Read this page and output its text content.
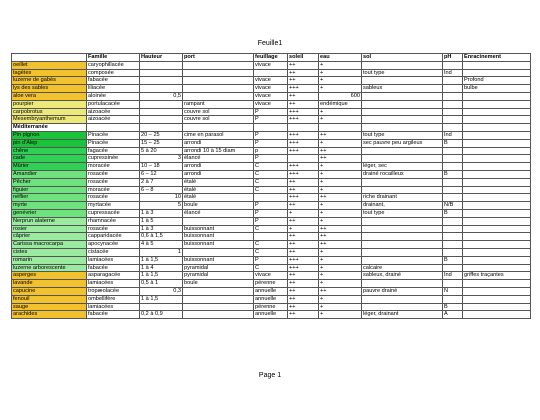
Feuille1
	Famille	Hauteur	port	feuillage	soleil	eau	sol	pH	Enracinement
oeillet	caryophillacée			vivace	++	+			
tagètes	composée				++	+	tout type	Ind	
luzerne de gabès	fabacée			vivace	++	+			Profond
lys des sables	liliacée			vivace	+++	+	sableux		bulbe
aloe vera	aloinée	0,5		vivace	++	600			
pourpier	portulacacée		rampant	vivace	++	endémique			
carpobrotus	aizoacée		couvre sol	P	+++	+			
Mesembryanthemum	aizoacée		couvre sol	P	+++	+			
Méditerranée									
Pin pignon	Pinacée	20 – 25	cime en parasol	P	+++	++	tout type	Ind	
pin d'Alep	Pinacée	15 – 25	arrondi	P	+++	+	sec pauvre peu argileux	B	
chêne	fagacée	5 à 20	arrondi 10 à 15 diam	p	+++	++			
cade	cupressinée	3	élancé	P		++			
Mûrier	moracée	10 – 18	arrondi	C	+++	+	léger, sec		
Amandier	rosacée	6 – 12	arrondi	C	+++	+	drainé rocailleux	B	
Pêcher	rosacée	2 à 7	étalé	C	++	+			
figuier	moracée	6 – 8	étalé	C	++	+			
néflier	rosacée	10	étalé		+++	++	riche drainant		
myrte	myrtacée	5	boule	P	++	+	drainant,	N/B	
genévrier	cupressacée	1 à 3	élancé	P	+	+	tout type	B	
Nerprun alaterne	rhamnacée	1 à 5		P	++	+			
rosier	rosacée	1 à 3	buissonnant	C	+	++			
câprier	capparidacée	0,6 à 1,5	buissonnant		++	++			
Carissa macrocarpa	apocynacée	4 à 5	buissonnant	C	++	++			
cistes	cistacée	1		C	++	+			
romarin	lamiacées	1 à 1,5	buissonnant	P	+++	+		B	
luzerne arborescente	fabacée	1 à 4	pyramidal	C	+++	+	calcaire		
asperges	asparagacée	1 à 1,5	pyramidal	vivace	++	+	sableux, drainé	Ind	griffes traçantes
lavande	lamiacées	0,5 à 1	boule	pérenne	++	+			
capucine	tropæolacée	0,3		annuelle	++	++	pauvre drainé	N	
fenouil	ombellifère	1 à 1,5		annuelle	++	+			
sauge	lamiacées			pérenne	++	+		B	
arachides	fabacée	0,2 à 0,9		annuelle	++	+	léger, drainant	A	
Page 1
